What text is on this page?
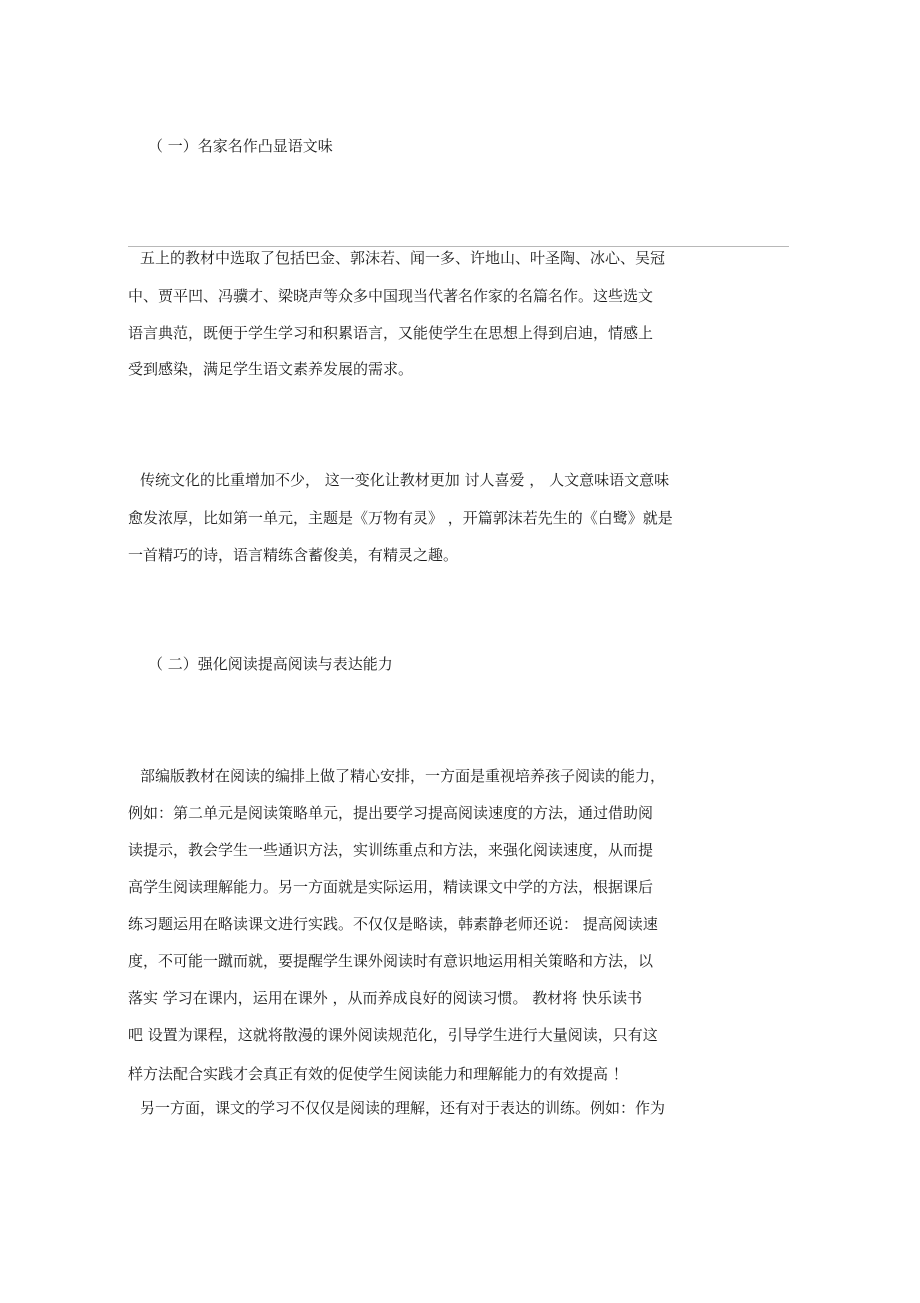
（ 一）名家名作凸显语文味
五上的教材中选取了包括巴金、郭沫若、闻一多、许地山、叶圣陶、冰心、吴冠
中、贾平凹、冯骥才、梁晓声等众多中国现当代著名作家的名篇名作。这些选文
语言典范，既便于学生学习和积累语言，又能使学生在思想上得到启迪，情感上
受到感染，满足学生语文素养发展的需求。
传统文化的比重增加不少， 这一变化让教材更加 讨人喜爱 ， 人文意味语文意味
愈发浓厚，比如第一单元，主题是《万物有灵》 ，开篇郭沫若先生的《白鹭》就是
一首精巧的诗，语言精练含蓄俊美，有精灵之趣。
（ 二）强化阅读提高阅读与表达能力
部编版教材在阅读的编排上做了精心安排，一方面是重视培养孩子阅读的能力，
例如：第二单元是阅读策略单元，提出要学习提高阅读速度的方法，通过借助阅
读提示，教会学生一些通识方法，实训练重点和方法，来强化阅读速度，从而提
高学生阅读理解能力。另一方面就是实际运用，精读课文中学的方法，根据课后
练习题运用在略读课文进行实践。不仅仅是略读，韩素静老师还说： 提高阅读速
度，不可能一蹴而就，要提醒学生课外阅读时有意识地运用相关策略和方法，以
落实 学习在课内，运用在课外 ，从而养成良好的阅读习惯。 教材将 快乐读书
吧 设置为课程，这就将散漫的课外阅读规范化，引导学生进行大量阅读，只有这
样方法配合实践才会真正有效的促使学生阅读能力和理解能力的有效提高 ！
另一方面，课文的学习不仅仅是阅读的理解，还有对于表达的训练。例如：作为
